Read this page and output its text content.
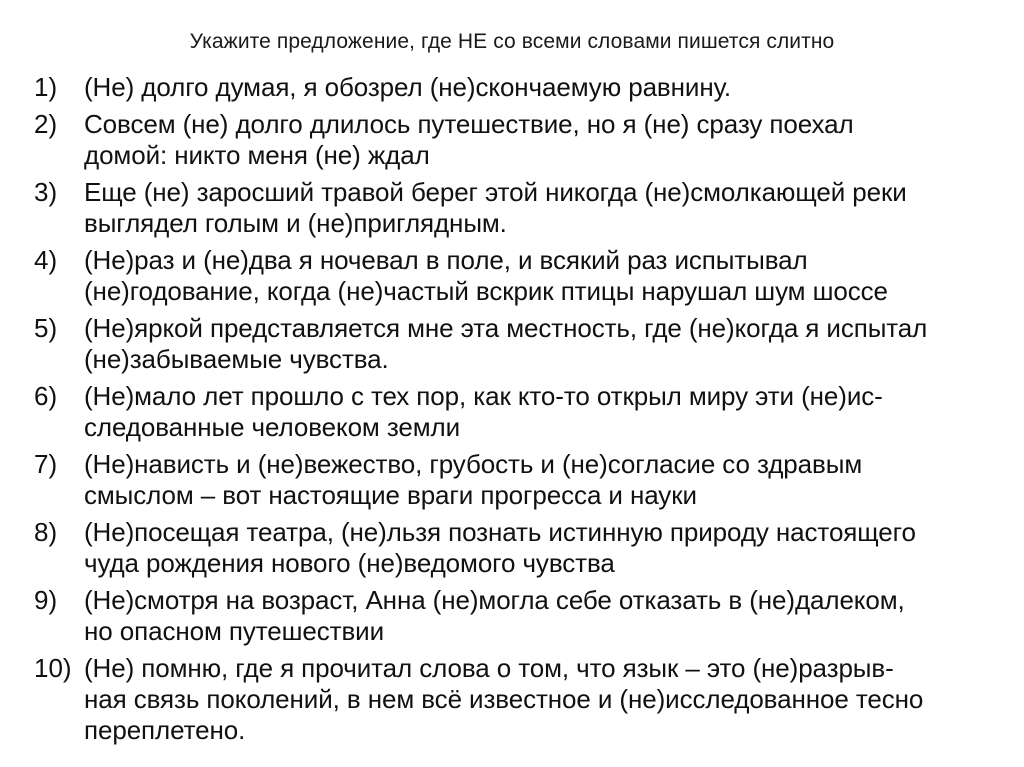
Укажите предложение, где НЕ со всеми словами пишется слитно
1)	(Не) долго думая, я обозрел (не)скончаемую равнину.
2)	Совсем (не) долго длилось путешествие, но я (не) сразу поехал
домой: никто меня (не) ждал
3)	Еще (не) заросший травой берег этой никогда (не)смолкающей реки
выглядел голым и (не)приглядным.
4)	(Не)раз и (не)два я ночевал в поле, и всякий раз испытывал
(не)годование, когда (не)частый вскрик птицы нарушал шум шоссе
5)	(Не)яркой представляется мне эта местность, где (не)когда я испытал
(не)забываемые чувства.
6)	(Не)мало лет прошло с тех пор, как кто-то открыл миру эти (не)ис-
следованные человеком земли
7)	(Не)нависть и (не)вежество, грубость и (не)согласие со здравым
смыслом – вот настоящие враги прогресса и науки
8)	(Не)посещая театра, (не)льзя познать истинную природу настоящего
чуда рождения нового (не)ведомого чувства
9)	(Не)смотря на возраст, Анна (не)могла себе отказать в (не)далеком,
но опасном путешествии
10) (Не) помню, где я прочитал слова о том, что язык – это (не)разрыв-
ная связь поколений, в нем всё известное и (не)исследованное тесно
переплетено.
